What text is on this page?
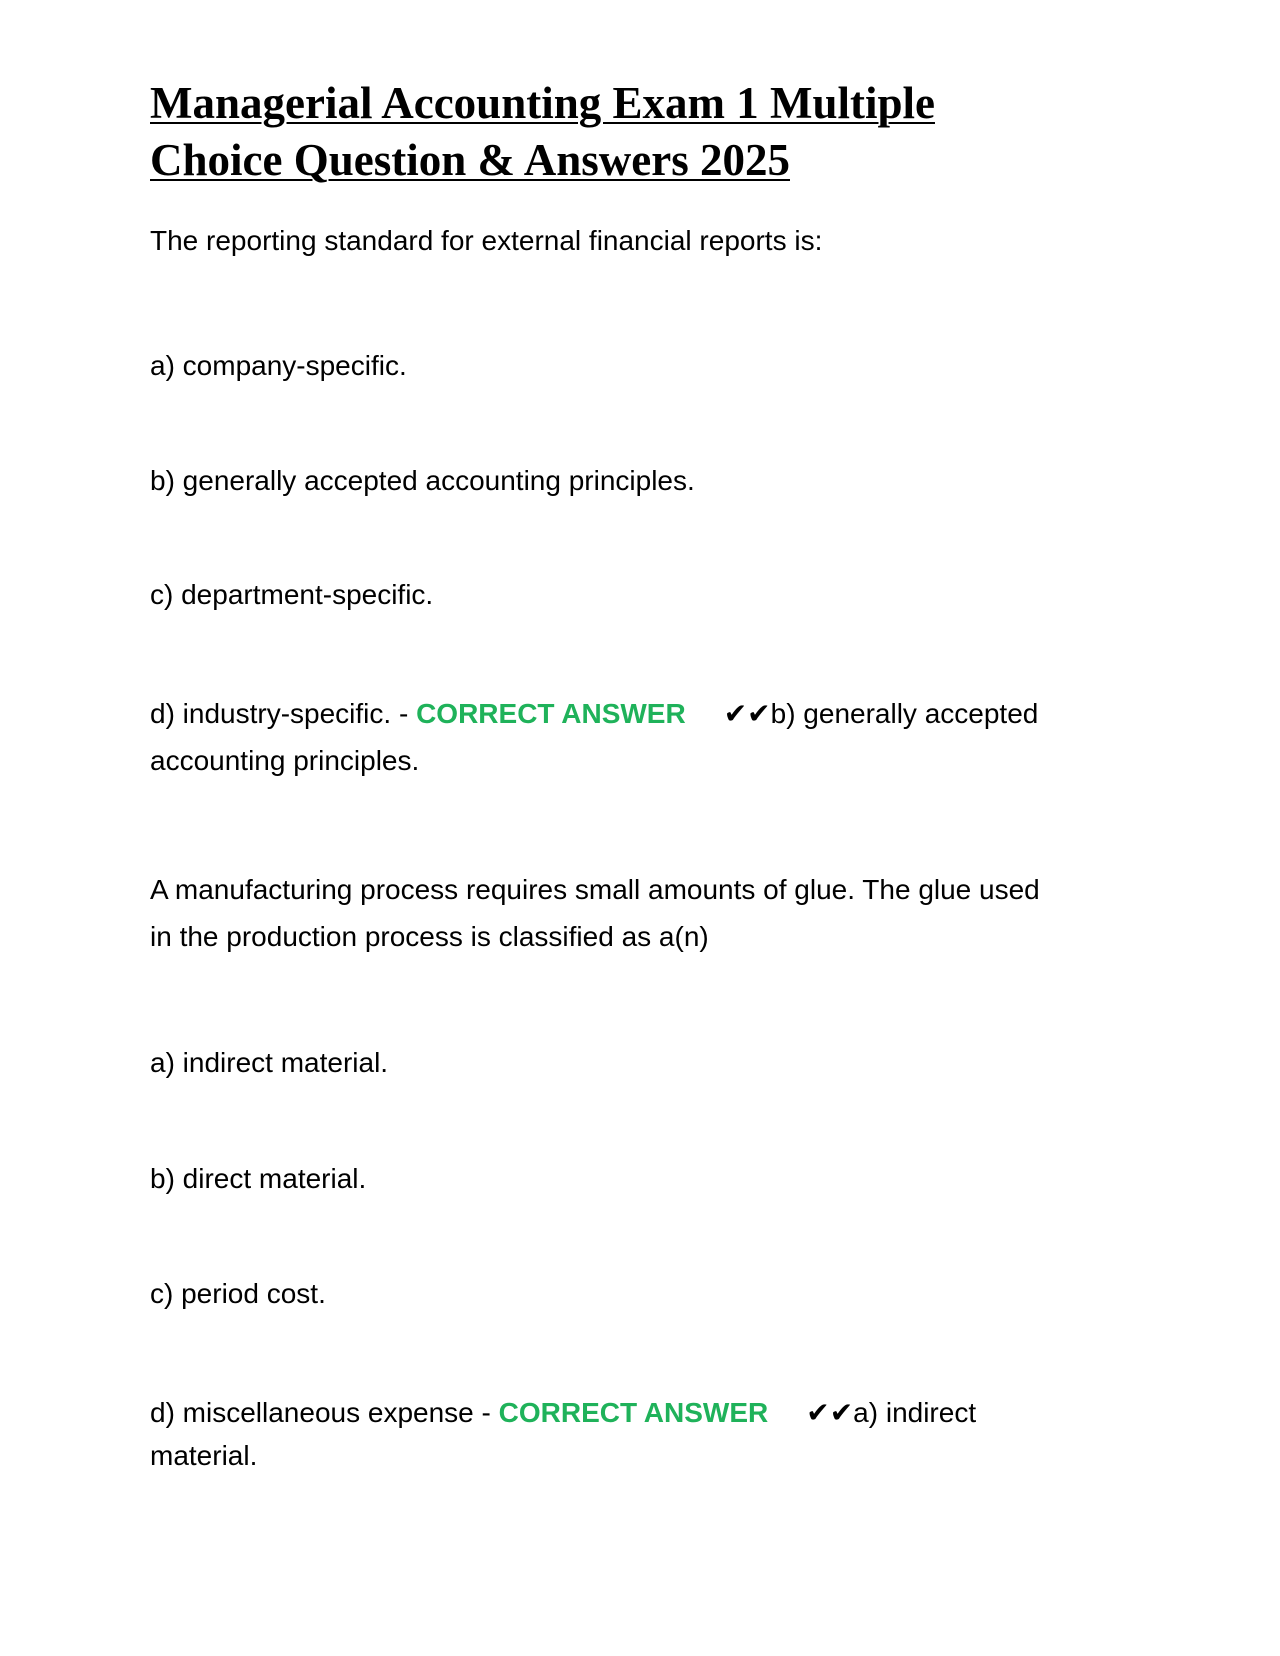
Managerial Accounting Exam 1 Multiple
Choice Question & Answers 2025

The reporting standard for external financial reports is:

a) company-specific.

b) generally accepted accounting principles.

c) department-specific.

d) industry-specific. - CORRECT ANSWER ✔✔b) generally accepted

accounting principles.

A manufacturing process requires small amounts of glue. The glue used

in the production process is classified as a(n)

a) indirect material.

b) direct material.

c) period cost.

d) miscellaneous expense - CORRECT ANSWER ✔✔a) indirect

material.
